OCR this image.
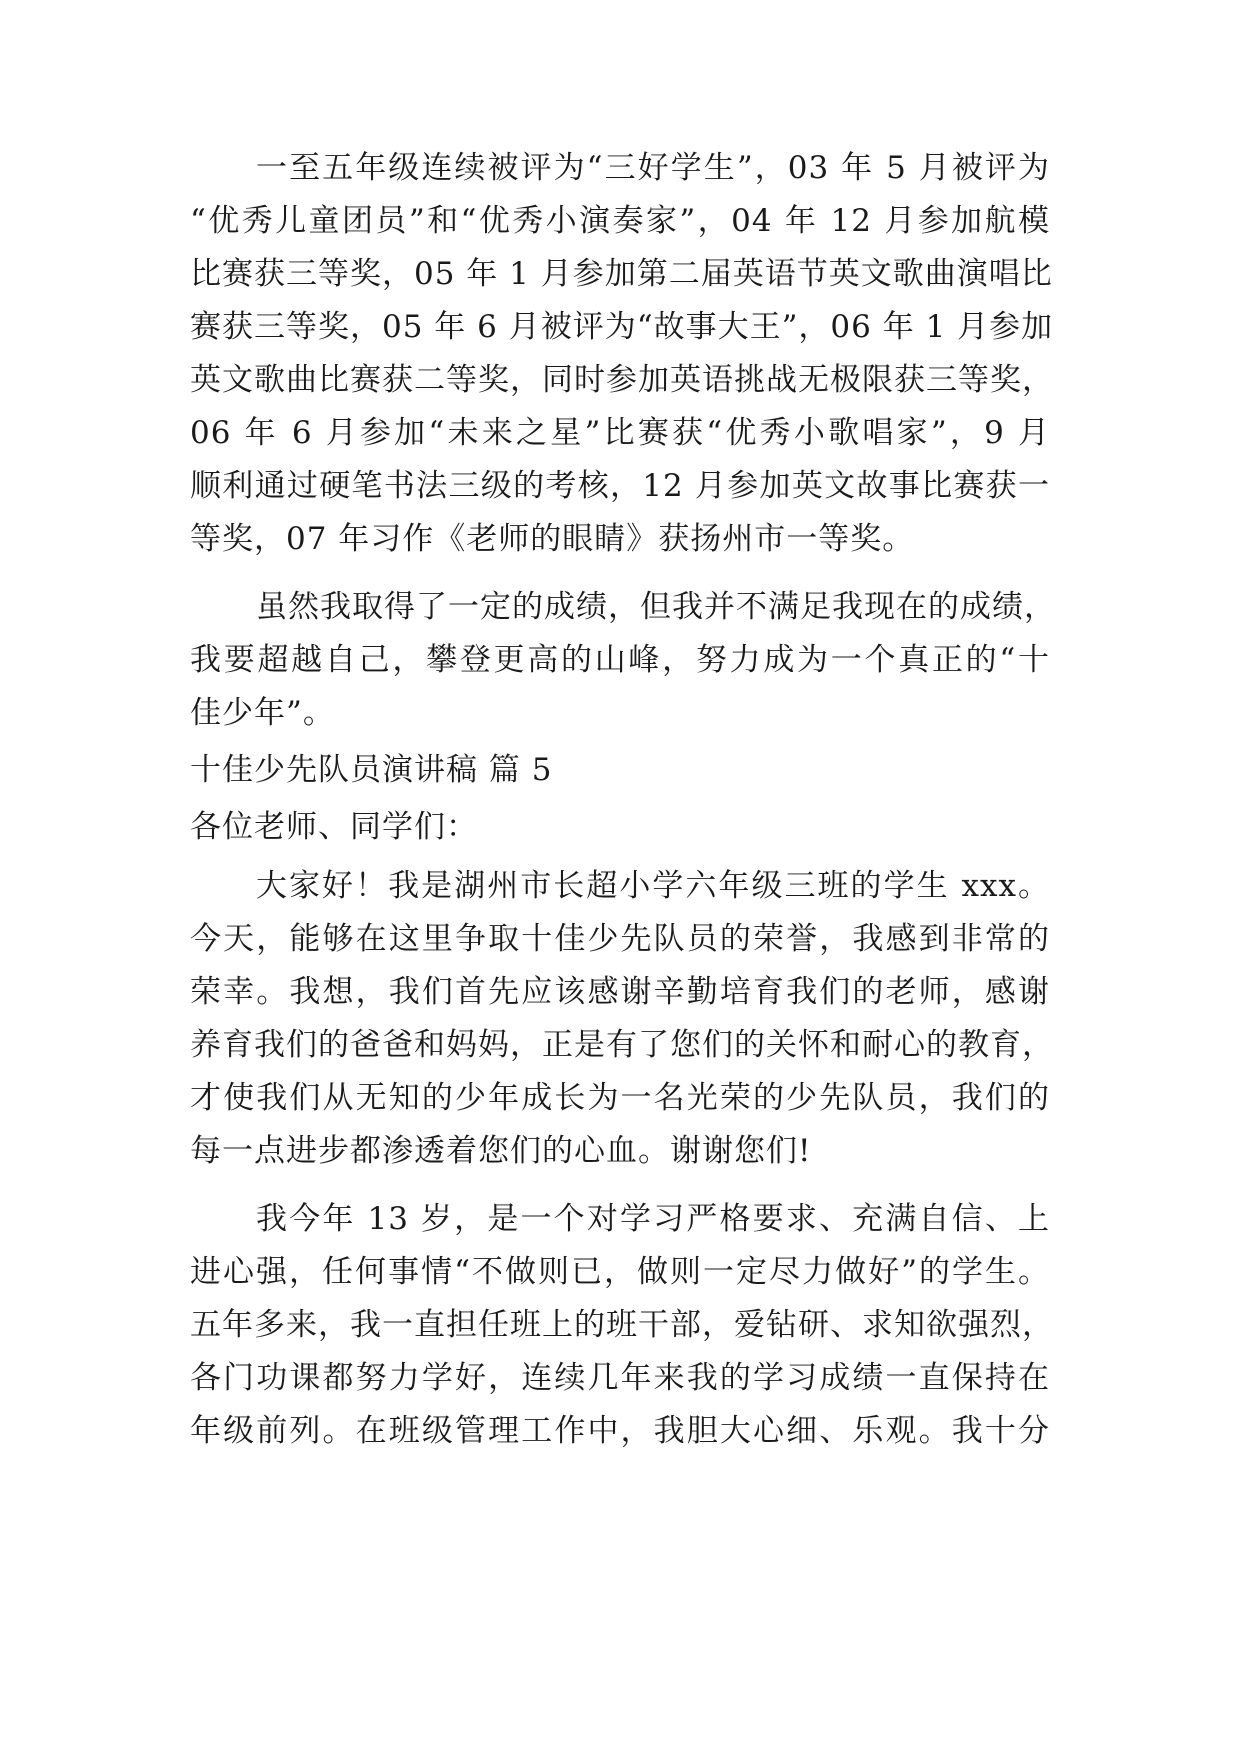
一至五年级连续被评为“三好学生”，03 年 5 月被评为
“优秀儿童团员”和“优秀小演奏家”，04 年 12 月参加航模
比赛获三等奖，05 年 1 月参加第二届英语节英文歌曲演唱比
赛获三等奖，05 年 6 月被评为“故事大王”，06 年 1 月参加
英文歌曲比赛获二等奖，同时参加英语挑战无极限获三等奖，
06 年 6 月参加“未来之星”比赛获“优秀小歌唱家”，9 月
顺利通过硬笔书法三级的考核，12 月参加英文故事比赛获一
等奖，07 年习作《老师的眼睛》获扬州市一等奖。
虽然我取得了一定的成绩，但我并不满足我现在的成绩，
我要超越自己，攀登更高的山峰，努力成为一个真正的“十
佳少年”。
十佳少先队员演讲稿 篇 5
各位老师、同学们：
大家好！我是湖州市长超小学六年级三班的学生 xxx。
今天，能够在这里争取十佳少先队员的荣誉，我感到非常的
荣幸。我想，我们首先应该感谢辛勤培育我们的老师，感谢
养育我们的爸爸和妈妈，正是有了您们的关怀和耐心的教育，
才使我们从无知的少年成长为一名光荣的少先队员，我们的
每一点进步都渗透着您们的心血。谢谢您们!
我今年 13 岁，是一个对学习严格要求、充满自信、上
进心强，任何事情“不做则已，做则一定尽力做好”的学生。
五年多来，我一直担任班上的班干部，爱钻研、求知欲强烈，
各门功课都努力学好，连续几年来我的学习成绩一直保持在
年级前列。在班级管理工作中，我胆大心细、乐观。我十分
